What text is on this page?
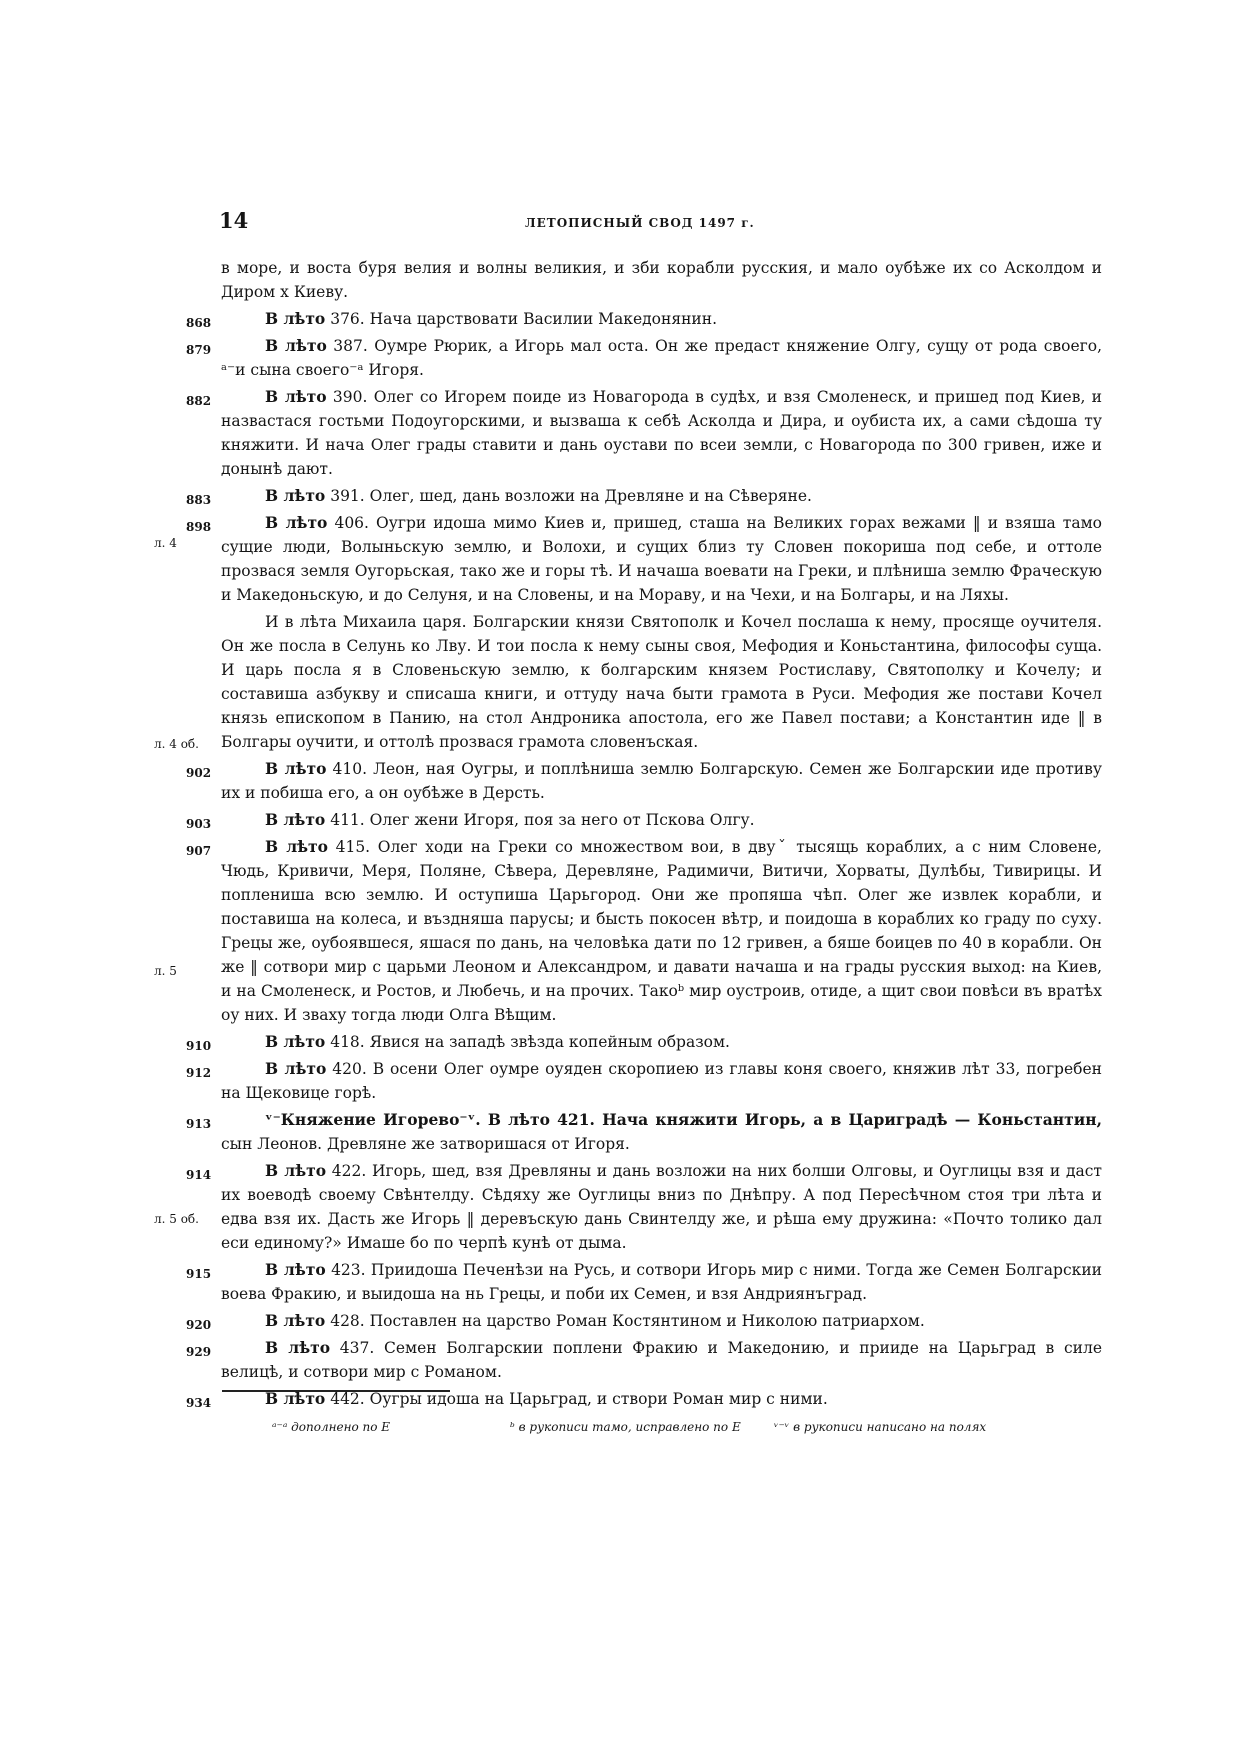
14	ЛЕТОПИСНЫЙ СВОД 1497 г.

в море, и воста буря велия и волны великия, и зби корабли русския, и мало оубѣже их со Асколдом и Диром х Киеву.

868	В лѣто 376. Нача царствовати Василии Македонянин.

879	В лѣто 387. Оумре Рюрик, а Игорь мал оста. Он же предаст княжение Олгу, сущу от рода своего, ᵃ⁻и сына своего⁻ᵃ Игоря.

882	В лѣто 390. Олег со Игорем поиде из Новагорода в судѣх, и взя Смоленеск, и пришед под Киев, и назвастася гостьми Подоугорскими, и вызваша к себѣ Асколда и Дира, и оубиста их, а сами сѣдоша ту княжити. И нача Олег грады ставити и дань оустави по всеи земли, с Новагорода по 300 гривен, иже и донынѣ дают.

883	В лѣто 391. Олег, шед, дань возложи на Древляне и на Сѣверяне.

898
л. 4

В лѣто 406. Оугри идоша мимо Киев и, пришед, сташа на Великих горах вежами ‖ и взяша тамо сущие люди, Волыньскую землю, и Волохи, и сущих близ ту Словен покориша под себе, и оттоле прозвася земля Оугорьская, тако же и горы тѣ. И начаша воевати на Греки, и плѣниша землю Фраческую и Македоньскую, и до Селуня, и на Словены, и на Мораву, и на Чехи, и на Болгары, и на Ляхы.

л. 4 об.

И в лѣта Михаила царя. Болгарскии князи Святополк и Кочел послаша к нему, просяще оучителя. Он же посла в Селунь ко Лву. И тои посла к нему сыны своя, Мефодия и Коньстантина, философы суща. И царь посла я в Словеньскую землю, к болгарским князем Ростиславу, Святополку и Кочелу; и составиша азбукву и списаша книги, и оттуду нача быти грамота в Руси. Мефодия же постави Кочел князь епископом в Панию, на стол Андроника апостола, его же Павел постави; а Константин иде ‖ в Болгары оучити, и оттолѣ прозвася грамота словенъская.

902	В лѣто 410. Леон, ная Оугры, и поплѣниша землю Болгарскую. Семен же Болгарскии иде противу их и побиша его, а он оубѣже в Дерсть.

903	В лѣто 411. Олег жени Игоря, поя за него от Пскова Олгу.

907
л. 5

В лѣто 415. Олег ходи на Греки со множеством вои, в двуˇ тысящь кораблих, а с ним Словене, Чюдь, Кривичи, Меря, Поляне, Сѣвера, Деревляне, Радимичи, Витичи, Хорваты, Дулѣбы, Тивирицы. И поплениша всю землю. И оступиша Царьгород. Они же пропяша чѣп. Олег же извлек корабли, и поставиша на колеса, и въздняша парусы; и бысть покосен вѣтр, и поидоша в кораблих ко граду по суху. Грецы же, оубоявшеся, яшася по дань, на человѣка дати по 12 гривен, а бяше боицев по 40 в корабли. Он же ‖ сотвори мир с царьми Леоном и Александром, и давати начаша и на грады русския выход: на Киев, и на Смоленеск, и Ростов, и Любечь, и на прочих. Такоᵇ мир оустроив, отиде, а щит свои повѣси въ вратѣх оу них. И зваху тогда люди Олга Вѣщим.

910	В лѣто 418. Явися на западѣ звѣзда копейным образом.

912	В лѣто 420. В осени Олег оумре оуяден скоропиею из главы коня своего, княжив лѣт 33, погребен на Щековице горѣ.

913	ᵛ⁻Княжение Игорево⁻ᵛ. В лѣто 421. Нача княжити Игорь, а в Цариградѣ — Коньстантин, сын Леонов. Древляне же затворишася от Игоря.

914
л. 5 об.

В лѣто 422. Игорь, шед, взя Древляны и дань возложи на них болши Олговы, и Оуглицы взя и даст их воеводѣ своему Свѣнтелду. Сѣдяху же Оуглицы вниз по Днѣпру. А под Пересѣчном стоя три лѣта и едва взя их. Дасть же Игорь ‖ деревъскую дань Свинтелду же, и рѣша ему дружина: «Почто толико дал еси единому?» Имаше бо по черпѣ кунѣ от дыма.

915	В лѣто 423. Приидоша Печенѣзи на Русь, и сотвори Игорь мир с ними. Тогда же Семен Болгарскии воева Фракию, и выидоша на нь Грецы, и поби их Семен, и взя Андриянъград.

920	В лѣто 428. Поставлен на царство Роман Костянтином и Николою патриархом.

929	В лѣто 437. Семен Болгарскии поплени Фракию и Македонию, и прииде на Царьград в силе велицѣ, и сотвори мир с Романом.

934	В лѣто 442. Оугры идоша на Царьград, и створи Роман мир с ними.

ᵃ⁻ᵃ дополнено по Е	ᵇ в рукописи тамо, исправлено по Е	ᵛ⁻ᵛ в рукописи написано на полях
